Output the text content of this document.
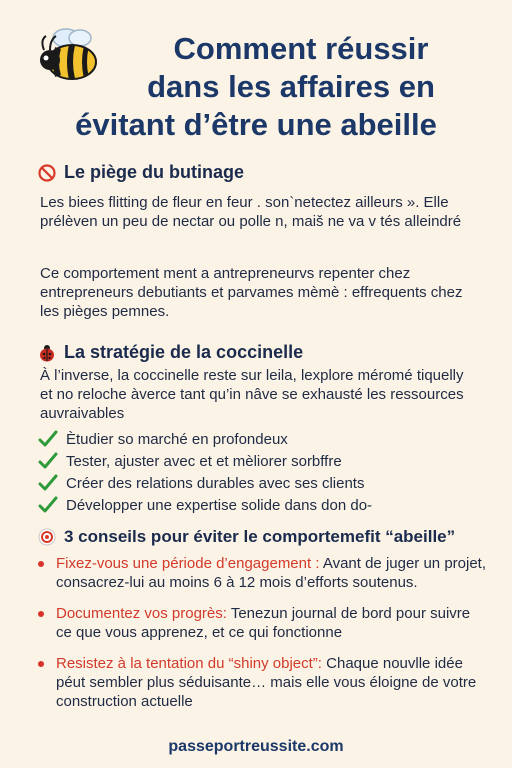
Comment réussir
dans les affaires en
évitant d’être une abeille
Le piège du butinage

Les biees flitting de fleur en feur . son`netectez ailleurs ». Elle prélèven un peu de nectar ou polle n, maiš ne va v tés alleindré

Ce comportement ment a antrepreneurvs repenter chez entrepreneurs debutiants et parvames mèmè : effrequents chez les pièges pemnes.

La stratégie de la coccinelle

À l’inverse, la coccinelle reste sur leila, lexplore méromé tiquelly et no reloche àverce tant qu’in nâve se exhausté les ressources auvraivables

Ètudier so marché en profondeux
Tester, ajuster avec et et mèliorer sorbffre
Créer des relations durables avec ses clients
Développer une expertise solide dans don do-
3 conseils pour éviter le comportemefit “abeille”
Fixez-vous une période d’engagement : Avant de juger un projet, consacrez-lui au moins 6 à 12 mois d’efforts soutenus.
Documentez vos progrès: Tenezun journal de bord pour suivre ce que vous apprenez, et ce qui fonctionne
Resistez à la tentation du “shiny object”: Chaque nouvlle idée péut sembler plus séduisante… mais elle vous éloigne de votre construction actuelle
passeportreussite.com
